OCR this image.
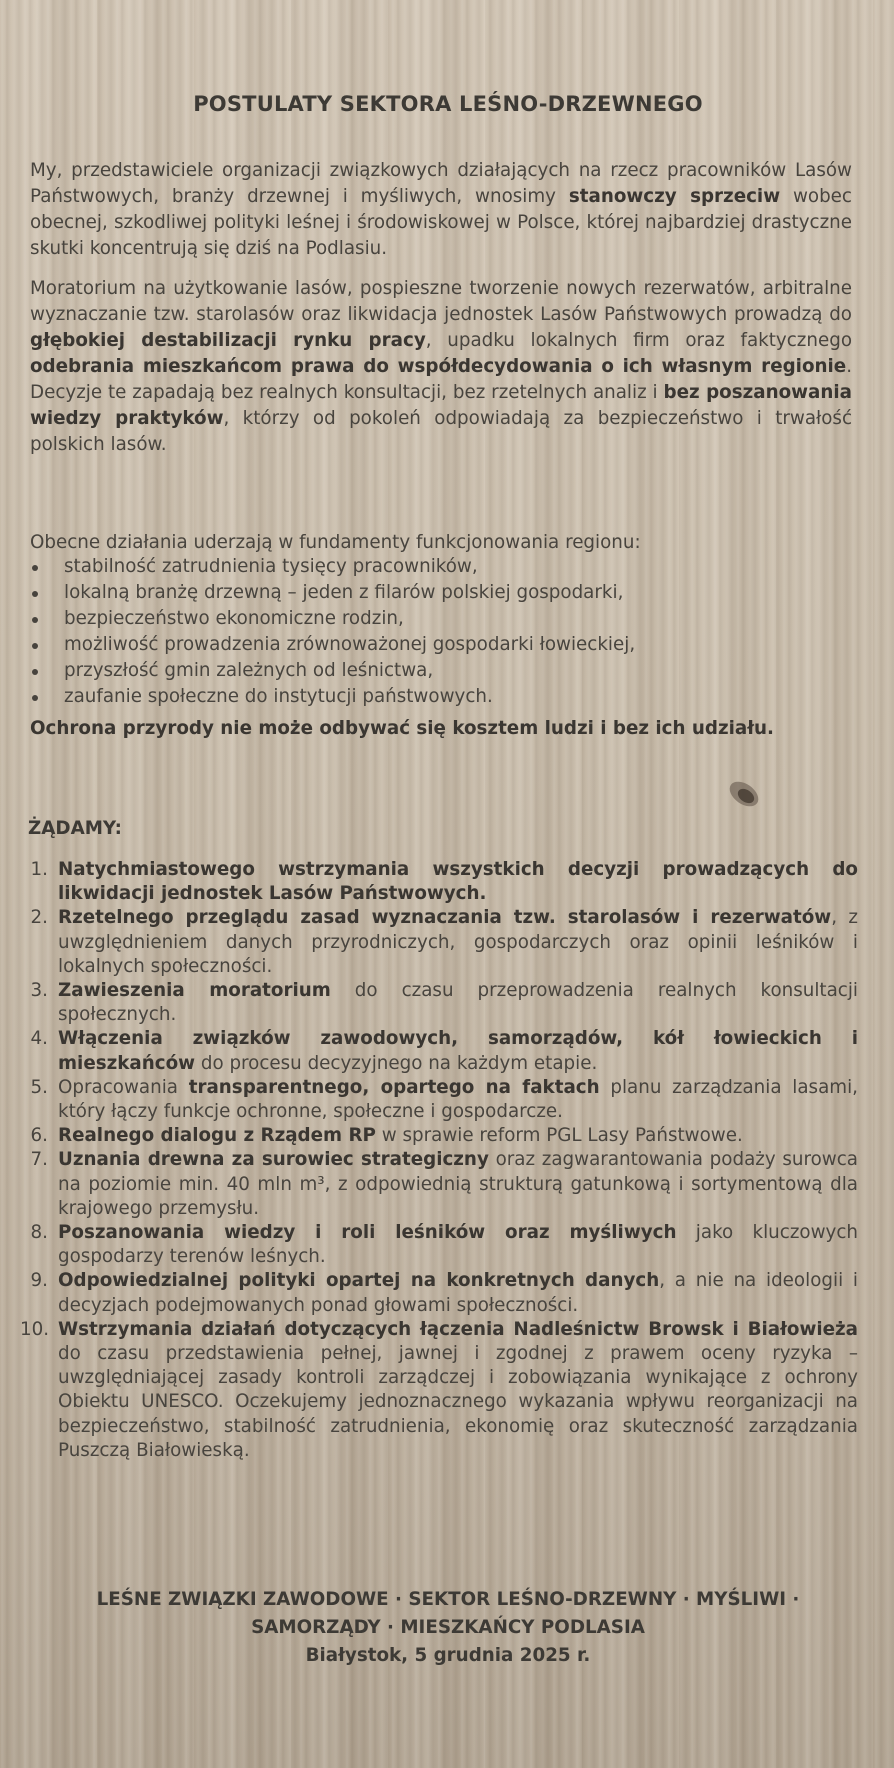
POSTULATY SEKTORA LEŚNO-DRZEWNEGO
My, przedstawiciele organizacji związkowych działających na rzecz pracowników Lasów Państwowych, branży drzewnej i myśliwych, wnosimy stanowczy sprzeciw wobec obecnej, szkodliwej polityki leśnej i środowiskowej w Polsce, której najbardziej drastyczne skutki koncentrują się dziś na Podlasiu.
Moratorium na użytkowanie lasów, pospieszne tworzenie nowych rezerwatów, arbitralne wyznaczanie tzw. starolasów oraz likwidacja jednostek Lasów Państwowych prowadzą do głębokiej destabilizacji rynku pracy, upadku lokalnych firm oraz faktycznego odebrania mieszkańcom prawa do współdecydowania o ich własnym regionie. Decyzje te zapadają bez realnych konsultacji, bez rzetelnych analiz i bez poszanowania wiedzy praktyków, którzy od pokoleń odpowiadają za bezpieczeństwo i trwałość polskich lasów.
Obecne działania uderzają w fundamenty funkcjonowania regionu:
stabilność zatrudnienia tysięcy pracowników,
lokalną branżę drzewną – jeden z filarów polskiej gospodarki,
bezpieczeństwo ekonomiczne rodzin,
możliwość prowadzenia zrównoważonej gospodarki łowieckiej,
przyszłość gmin zależnych od leśnictwa,
zaufanie społeczne do instytucji państwowych.
Ochrona przyrody nie może odbywać się kosztem ludzi i bez ich udziału.
ŻĄDAMY:
1. Natychmiastowego wstrzymania wszystkich decyzji prowadzących do likwidacji jednostek Lasów Państwowych.
2. Rzetelnego przeglądu zasad wyznaczania tzw. starolasów i rezerwatów, z uwzględnieniem danych przyrodniczych, gospodarczych oraz opinii leśników i lokalnych społeczności.
3. Zawieszenia moratorium do czasu przeprowadzenia realnych konsultacji społecznych.
4. Włączenia związków zawodowych, samorządów, kół łowieckich i mieszkańców do procesu decyzyjnego na każdym etapie.
5. Opracowania transparentnego, opartego na faktach planu zarządzania lasami, który łączy funkcje ochronne, społeczne i gospodarcze.
6. Realnego dialogu z Rządem RP w sprawie reform PGL Lasy Państwowe.
7. Uznania drewna za surowiec strategiczny oraz zagwarantowania podaży surowca na poziomie min. 40 mln m³, z odpowiednią strukturą gatunkową i sortymentową dla krajowego przemysłu.
8. Poszanowania wiedzy i roli leśników oraz myśliwych jako kluczowych gospodarzy terenów leśnych.
9. Odpowiedzialnej polityki opartej na konkretnych danych, a nie na ideologii i decyzjach podejmowanych ponad głowami społeczności.
10. Wstrzymania działań dotyczących łączenia Nadleśnictw Browsk i Białowieża do czasu przedstawienia pełnej, jawnej i zgodnej z prawem oceny ryzyka – uwzględniającej zasady kontroli zarządczej i zobowiązania wynikające z ochrony Obiektu UNESCO. Oczekujemy jednoznacznego wykazania wpływu reorganizacji na bezpieczeństwo, stabilność zatrudnienia, ekonomię oraz skuteczność zarządzania Puszczą Białowieską.
LEŚNE ZWIĄZKI ZAWODOWE · SEKTOR LEŚNO-DRZEWNY · MYŚLIWI ·
SAMORZĄDY · MIESZKAŃCY PODLASIA
Białystok, 5 grudnia 2025 r.
